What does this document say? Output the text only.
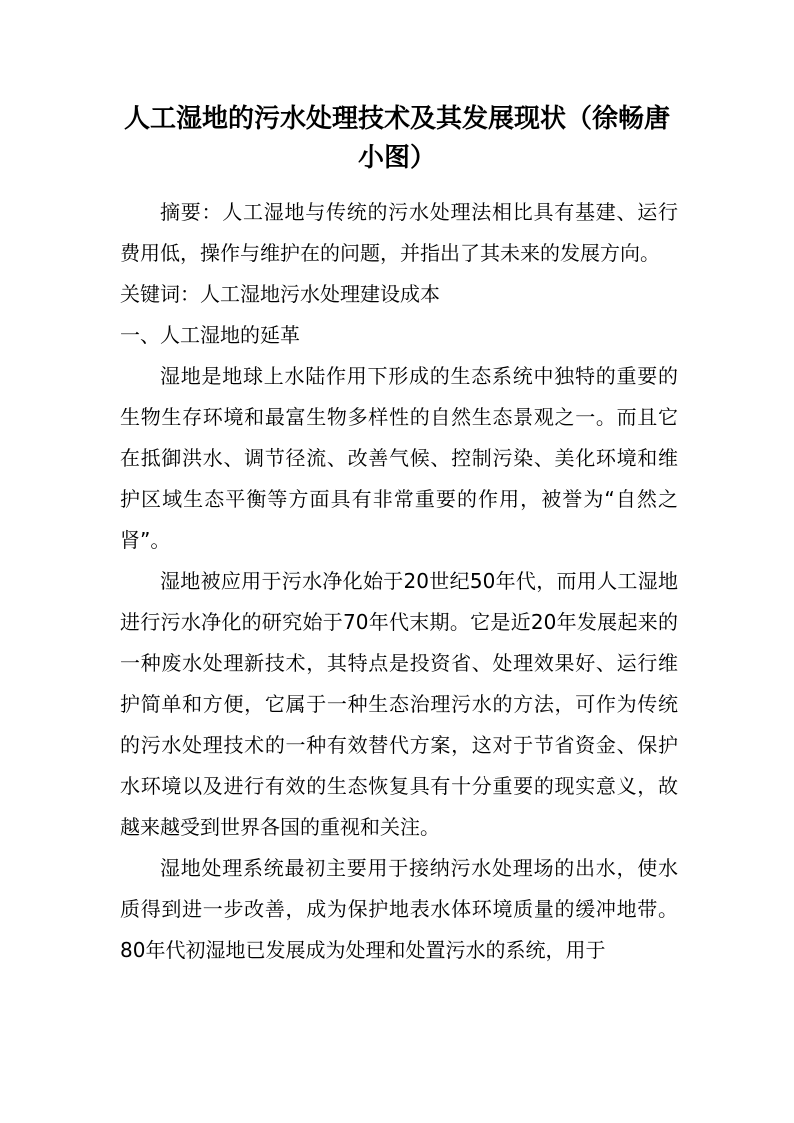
人工湿地的污水处理技术及其发展现状（徐畅唐小图）

摘要：人工湿地与传统的污水处理法相比具有基建、运行费用低，操作与维护在的问题，并指出了其未来的发展方向。

关键词：人工湿地污水处理建设成本

一、人工湿地的延革

湿地是地球上水陆作用下形成的生态系统中独特的重要的生物生存环境和最富生物多样性的自然生态景观之一。而且它在抵御洪水、调节径流、改善气候、控制污染、美化环境和维护区域生态平衡等方面具有非常重要的作用，被誉为“自然之肾”。

湿地被应用于污水净化始于20世纪50年代，而用人工湿地进行污水净化的研究始于70年代末期。它是近20年发展起来的一种废水处理新技术，其特点是投资省、处理效果好、运行维护简单和方便，它属于一种生态治理污水的方法，可作为传统的污水处理技术的一种有效替代方案，这对于节省资金、保护水环境以及进行有效的生态恢复具有十分重要的现实意义，故越来越受到世界各国的重视和关注。

湿地处理系统最初主要用于接纳污水处理场的出水，使水质得到进一步改善，成为保护地表水体环境质量的缓冲地带。80年代初湿地已发展成为处理和处置污水的系统，用于
